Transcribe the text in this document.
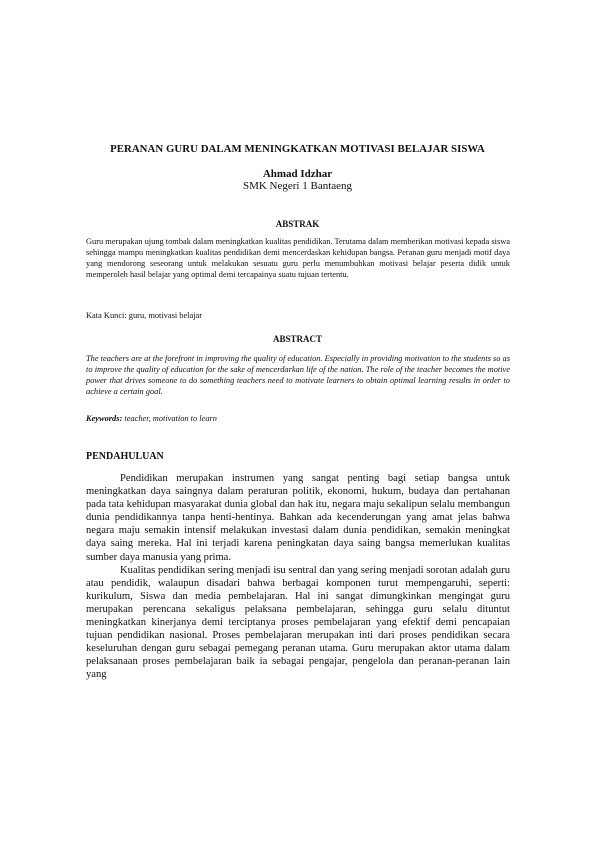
PERANAN GURU DALAM MENINGKATKAN MOTIVASI BELAJAR SISWA
Ahmad Idzhar
SMK Negeri 1 Bantaeng
ABSTRAK
Guru merupakan ujung tombak dalam meningkatkan kualitas pendidikan. Terutama dalam memberikan motivasi kepada siswa sehingga mampu meningkatkan kualitas pendidikan demi mencerdaskan kehidupan bangsa. Peranan guru menjadi motif daya yang mendorong seseorang untuk melakukan sesuatu guru perlu menumbuhkan motivasi belajar peserta didik untuk memperoleh hasil belajar yang optimal demi tercapainya suatu tujuan tertentu.
Kata Kunci: guru, motivasi belajar
ABSTRACT
The teachers are at the forefront in improving the quality of education. Especially in providing motivation to the students so as to improve the quality of education for the sake of mencerdarkan life of the nation. The role of the teacher becomes the motive power that drives someone to do something teachers need to motivate learners to obtain optimal learning results in order to achieve a certain goal.
Keywords: teacher, motivation to learn
PENDAHULUAN

Pendidikan merupakan instrumen yang sangat penting bagi setiap bangsa untuk meningkatkan daya saingnya dalam peraturan politik, ekonomi, hukum, budaya dan pertahanan pada tata kehidupan masyarakat dunia global dan hak itu, negara maju sekalipun selalu membangun dunia pendidikannya tanpa henti-hentinya. Bahkan ada kecenderungan yang amat jelas bahwa negara maju semakin intensif melakukan investasi dalam dunia pendidikan, semakin meningkat daya saing mereka. Hal ini terjadi karena peningkatan daya saing bangsa memerlukan kualitas sumber daya manusia yang prima.

Kualitas pendidikan sering menjadi isu sentral dan yang sering menjadi sorotan adalah guru atau pendidik, walaupun disadari bahwa berbagai komponen turut mempengaruhi, seperti: kurikulum, Siswa dan media pembelajaran. Hal ini sangat dimungkinkan mengingat guru merupakan perencana sekaligus pelaksana pembelajaran, sehingga guru selalu dituntut meningkatkan kinerjanya demi terciptanya proses pembelajaran yang efektif demi pencapaian tujuan pendidikan nasional. Proses pembelajaran merupakan inti dari proses pendidikan secara keseluruhan dengan guru sebagai pemegang peranan utama. Guru merupakan aktor utama dalam pelaksanaan proses pembelajaran baik ia sebagai pengajar, pengelola dan peranan-peranan lain yang
